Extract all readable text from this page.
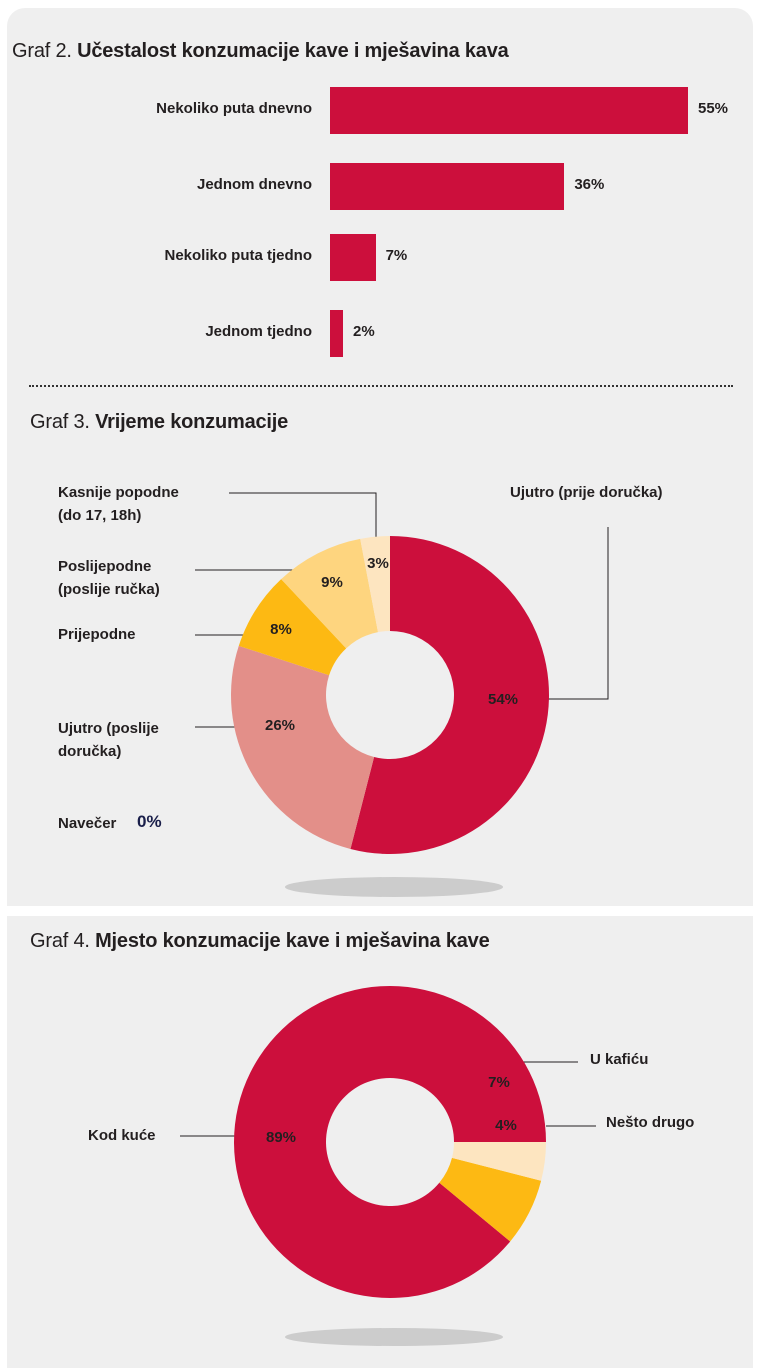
Graf 2. Učestalost konzumacije kave i mješavina kava
Nekoliko puta dnevno	55%
Jednom dnevno	36%
Nekoliko puta tjedno	7%
Jednom tjedno	2%
Graf 3. Vrijeme konzumacije
Kasnije popodne
(do 17, 18h)
Poslijepodne
(poslije ručka)
Prijepodne
Ujutro (poslije
doručka)
Navečer 0%
Ujutro (prije doručka)
54%
26%
8%
9%
3%
Graf 4. Mjesto konzumacije kave i mješavina kave
Kod kuće
U kafiću
Nešto drugo
89%
7%
4%
